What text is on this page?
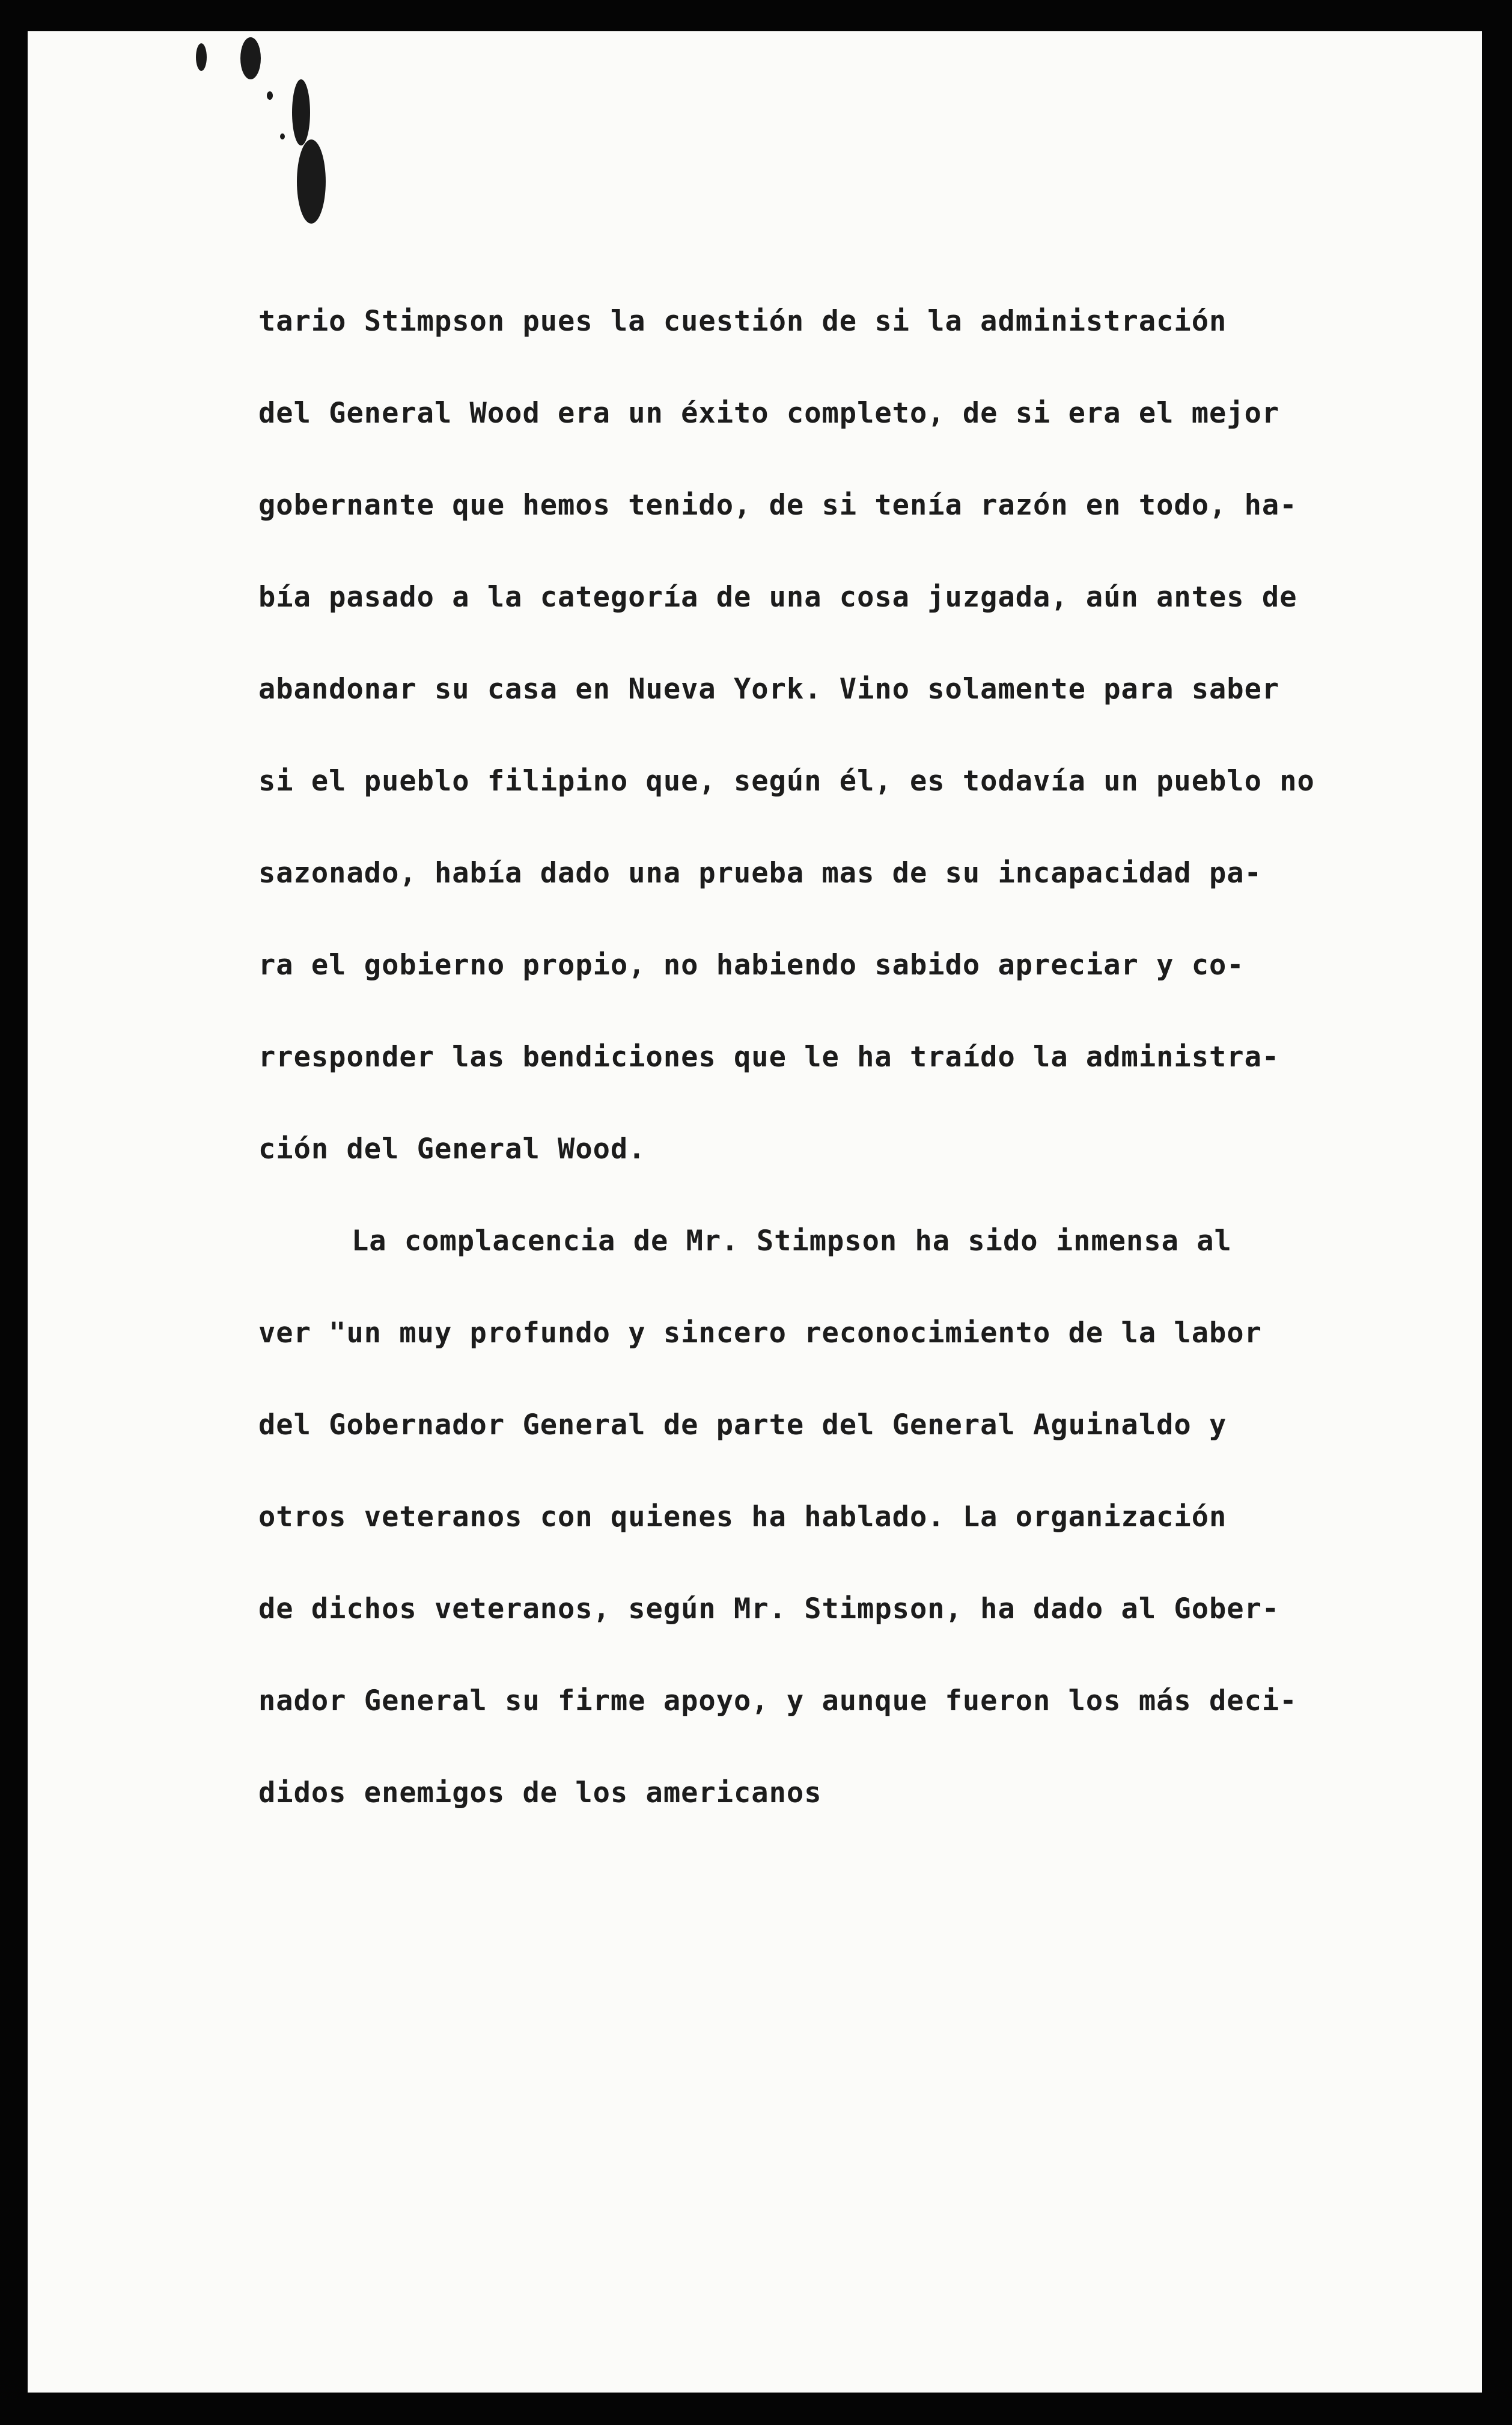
tario Stimpson pues la cuestión de si la administración
del General Wood era un éxito completo, de si era el mejor
gobernante que hemos tenido, de si tenía razón en todo, ha-
bía pasado a la categoría de una cosa juzgada, aún antes de
abandonar su casa en Nueva York. Vino solamente para saber
si el pueblo filipino que, según él, es todavía un pueblo no
sazonado, había dado una prueba mas de su incapacidad pa-
ra el gobierno propio, no habiendo sabido apreciar y co-
rresponder las bendiciones que le ha traído la administra-
ción del General Wood.
La complacencia de Mr. Stimpson ha sido inmensa al
ver "un muy profundo y sincero reconocimiento de la labor
del Gobernador General de parte del General Aguinaldo y
otros veteranos con quienes ha hablado. La organización
de dichos veteranos, según Mr. Stimpson, ha dado al Gober-
nador General su firme apoyo, y aunque fueron los más deci-
didos enemigos de los americanos
